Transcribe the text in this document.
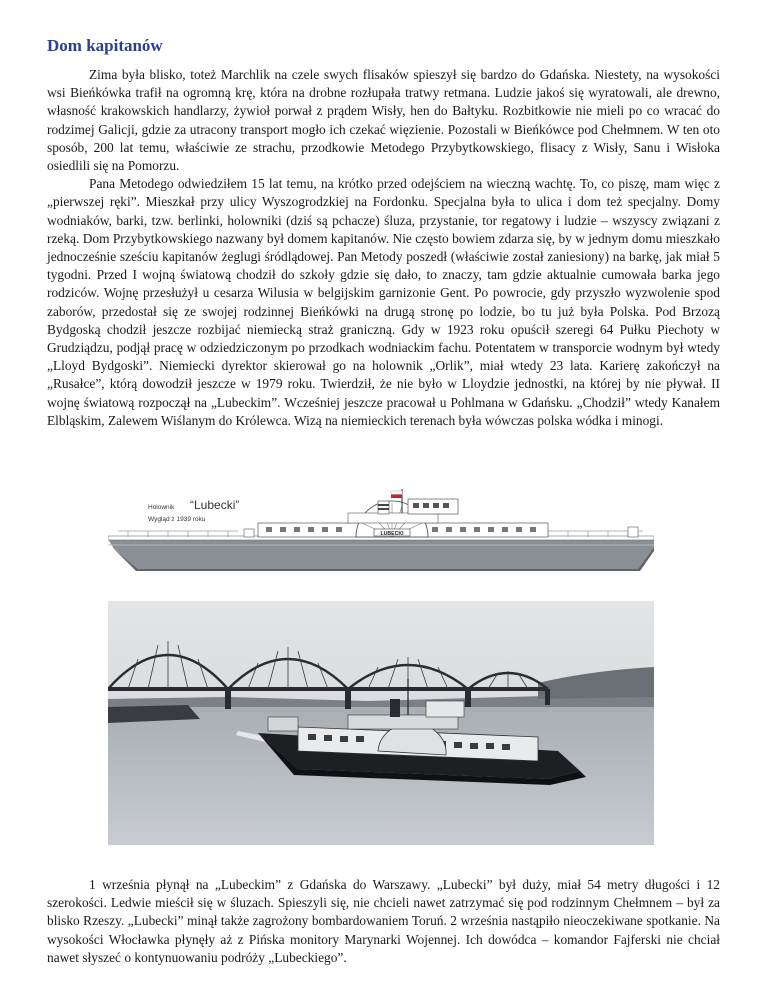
Dom kapitanów

Zima była blisko, toteż Marchlik na czele swych flisaków spieszył się bardzo do Gdańska. Niestety, na wysokości wsi Bieńkówka trafił na ogromną krę, która na drobne rozłupała tratwy retmana. Ludzie jakoś się wyratowali, ale drewno, własność krakowskich handlarzy, żywioł porwał z prądem Wisły, hen do Bałtyku. Rozbitkowie nie mieli po co wracać do rodzimej Galicji, gdzie za utracony transport mogło ich czekać więzienie. Pozostali w Bieńkówce pod Chełmnem. W ten oto sposób, 200 lat temu, właściwie ze strachu, przodkowie Metodego Przybytkowskiego, flisacy z Wisły, Sanu i Wisłoka osiedlili się na Pomorzu.

Pana Metodego odwiedziłem 15 lat temu, na krótko przed odejściem na wieczną wachtę. To, co piszę, mam więc z „pierwszej ręki”. Mieszkał przy ulicy Wyszogrodzkiej na Fordonku. Specjalna była to ulica i dom też specjalny. Domy wodniaków, barki, tzw. berlinki, holowniki (dziś są pchacze) śluza, przystanie, tor regatowy i ludzie – wszyscy związani z rzeką. Dom Przybytkowskiego nazwany był domem kapitanów. Nie często bowiem zdarza się, by w jednym domu mieszkało jednocześnie sześciu kapitanów żeglugi śródlądowej. Pan Metody poszedł (właściwie został zaniesiony) na barkę, jak miał 5 tygodni. Przed I wojną światową chodził do szkoły gdzie się dało, to znaczy, tam gdzie aktualnie cumowała barka jego rodziców. Wojnę przesłużył u cesarza Wilusia w belgijskim garnizonie Gent. Po powrocie, gdy przyszło wyzwolenie spod zaborów, przedostał się ze swojej rodzinnej Bieńkówki na drugą stronę po lodzie, bo tu już była Polska. Pod Brzozą Bydgoską chodził jeszcze rozbijać niemiecką straż graniczną. Gdy w 1923 roku opuścił szeregi 64 Pułku Piechoty w Grudziądzu, podjął pracę w odziedziczonym po przodkach wodniackim fachu. Potentatem w transporcie wodnym był wtedy „Lloyd Bydgoski”. Niemiecki dyrektor skierował go na holownik „Orlik”, miał wtedy 23 lata. Karierę zakończył na „Rusałce”, którą dowodził jeszcze w 1979 roku. Twierdził, że nie było w Lloydzie jednostki, na której by nie pływał. II wojnę światową rozpoczął na „Lubeckim”. Wcześniej jeszcze pracował u Pohlmana w Gdańsku. „Chodził” wtedy Kanałem Elbląskim, Zalewem Wiślanym do Królewca. Wizą na niemieckich terenach była wówczas polska wódka i minogi.

Holownik “Lubecki”
Wygląd z 1939 roku
LUBECKI

1 września płynął na „Lubeckim” z Gdańska do Warszawy. „Lubecki” był duży, miał 54 metry długości i 12 szerokości. Ledwie mieścił się w śluzach. Spieszyli się, nie chcieli nawet zatrzymać się pod rodzinnym Chełmnem – był za blisko Rzeszy. „Lubecki” minął także zagrożony bombardowaniem Toruń. 2 września nastąpiło nieoczekiwane spotkanie. Na wysokości Włocławka płynęły aż z Pińska monitory Marynarki Wojennej. Ich dowódca – komandor Fajferski nie chciał nawet słyszeć o kontynuowaniu podróży „Lubeckiego”.
